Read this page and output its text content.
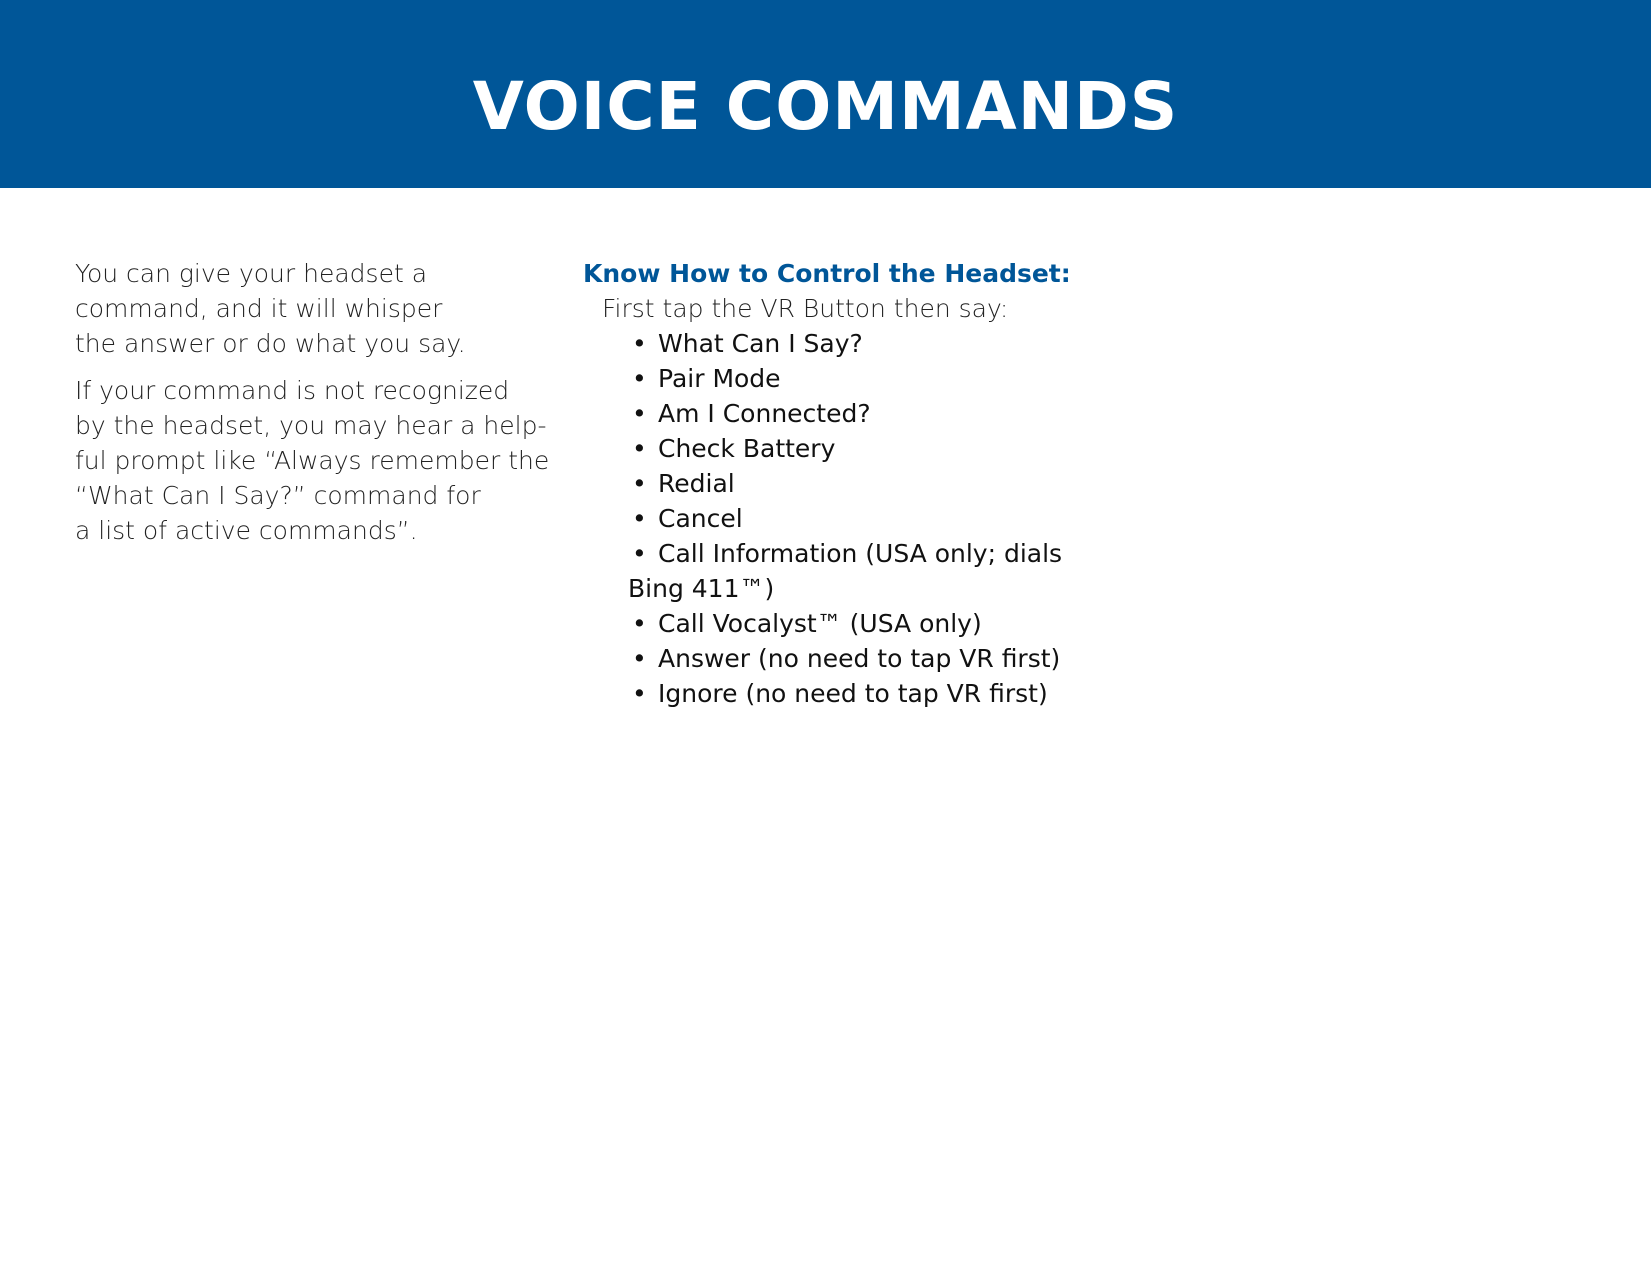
VOICE COMMANDS

You can give your headset a
command, and it will whisper
the answer or do what you say.

If your command is not recognized
by the headset, you may hear a help-
ful prompt like “Always remember the
“What Can I Say?” command for
a list of active commands”.

Know How to Control the Headset:

First tap the VR Button then say:

• What Can I Say?
• Pair Mode
• Am I Connected?
• Check Battery
• Redial
• Cancel
• Call Information (USA only; dials
Bing 411™)
• Call Vocalyst™ (USA only)
• Answer (no need to tap VR first)
• Ignore (no need to tap VR first)
